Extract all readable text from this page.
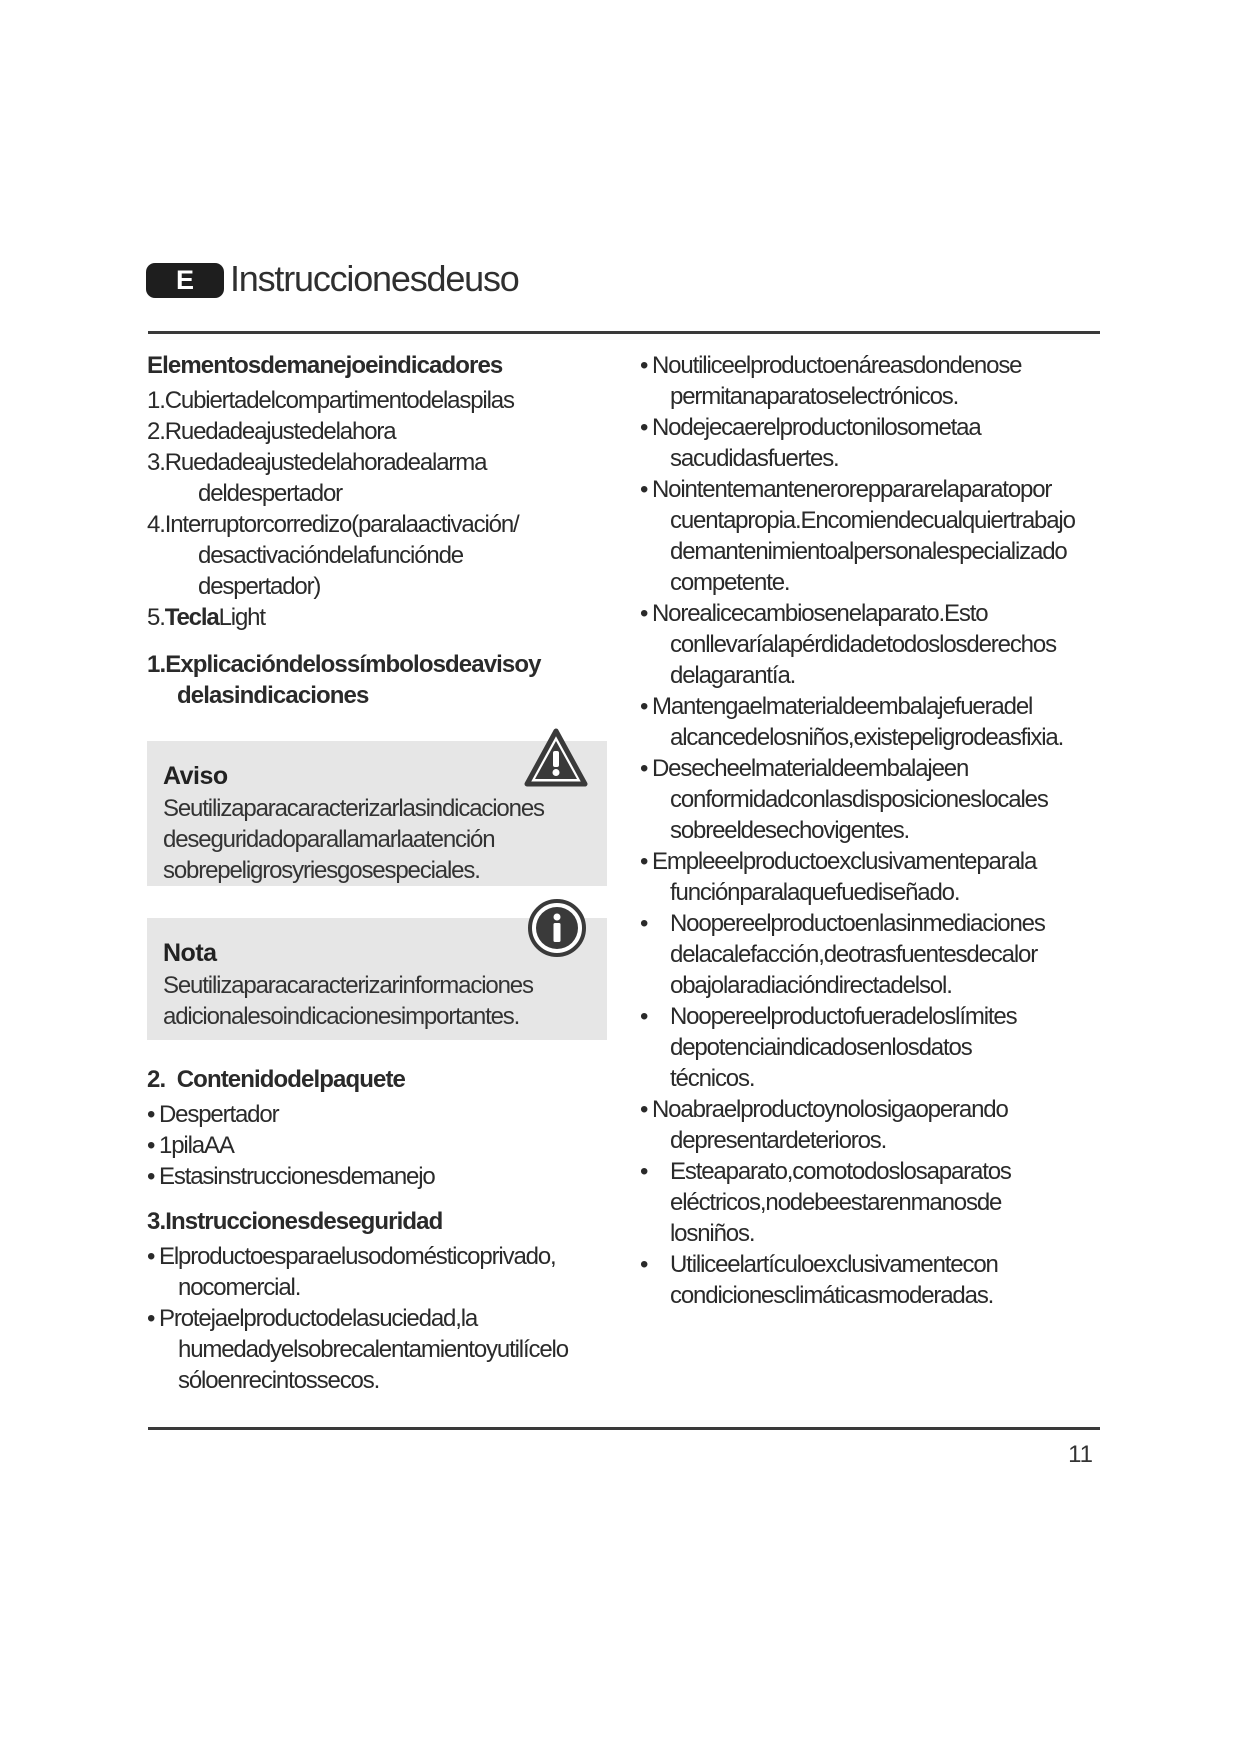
E	Instruccionesdeuso
Elementosdemanejoeindicadores
1.Cubiertadelcompartimentodelaspilas
2.Ruedadeajustedelahora
3.Ruedadeajustedelahoradealarma
deldespertador
4.Interruptorcorredizo(paralaactivación/
desactivacióndelafunciónde
despertador)
5.TeclaLight
1.Explicacióndelossímbolosdeavisoy
delasindicaciones
Aviso
Seutilizaparacaracterizarlasindicaciones
deseguridadoparallamarlaatención
sobrepeligrosyriesgosespeciales.
Nota
Seutilizaparacaracterizarinformaciones
adicionalesoindicacionesimportantes.
2.  Contenidodelpaquete
• Despertador
• 1pilaAA
• Estasinstruccionesdemanejo
3.Instruccionesdeseguridad
• Elproductoesparaelusodomésticoprivado,
nocomercial.
• Protejaelproductodelasuciedad,la
humedadyelsobrecalentamientoyutilícelo
sóloenrecintossecos.
• Noutiliceelproductoenáreasdondenose
permitanaparatoselectrónicos.
• Nodejecaerelproductonilosometaa
sacudidasfuertes.
• Nointentemanteneroreppararelaparatopor
cuentapropia.Encomiendecualquiertrabajo
demantenimientoalpersonalespecializado
competente.
• Norealicecambiosenelaparato.Esto
conllevaríalapérdidadetodoslosderechos
delagarantía.
• Mantengaelmaterialdeembalajefueradel
alcancedelosniños,existepeligrodeasfixia.
• Desecheelmaterialdeembalajeen
conformidadconlasdisposicioneslocales
sobreeldesechovigentes.
• Empleeelproductoexclusivamenteparala
funciónparalaquefuediseñado.
• Noopereelproductoenlasinmediaciones
delacalefacción,deotrasfuentesdecalor
obajolaradiacióndirectadelsol.
• Noopereelproductofueradeloslímites
depotenciaindicadosenlosdatos
técnicos.
• Noabraelproductoynolosigaoperando
depresentardeterioros.
• Esteaparato,comotodoslosaparatos
eléctricos,nodebeestarenmanosde
losniños.
• Utiliceelartículoexclusivamentecon
condicionesclimáticasmoderadas.
11
